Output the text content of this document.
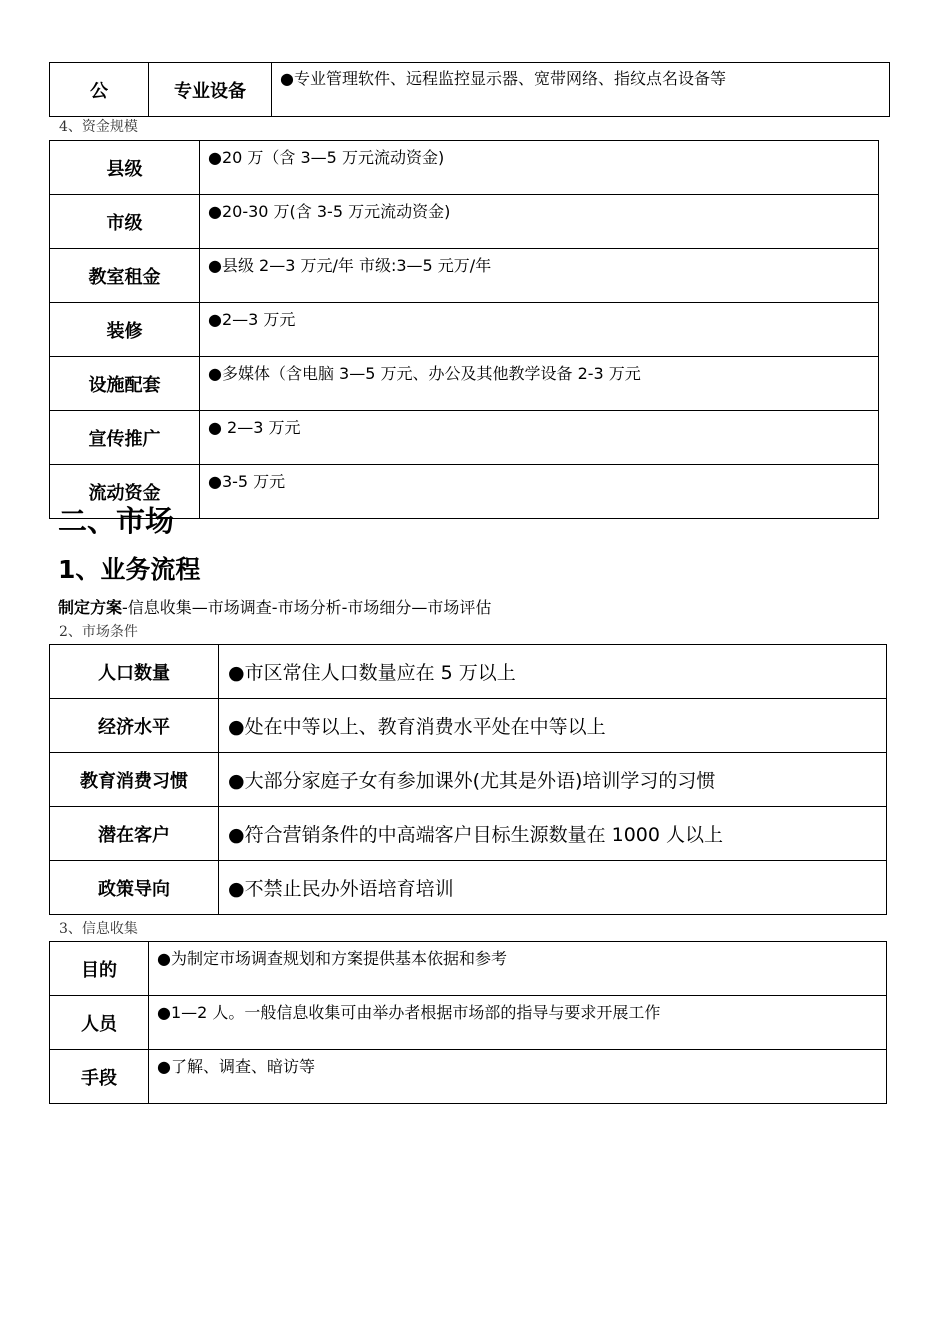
公	专业设备	●专业管理软件、远程监控显示器、宽带网络、指纹点名设备等
4、资金规模
县级	●20 万（含 3—5 万元流动资金)
市级	●20-30 万(含 3-5 万元流动资金)
教室租金	●县级 2—3 万元/年 市级:3—5 元万/年
装修	●2—3 万元
设施配套	●多媒体（含电脑 3—5 万元、办公及其他教学设备 2-3 万元
宣传推广	● 2—3 万元
流动资金	●3-5 万元
二、市场
1、业务流程
制定方案-信息收集—市场调查-市场分析-市场细分—市场评估
2、市场条件
人口数量	●市区常住人口数量应在 5 万以上
经济水平	●处在中等以上、教育消费水平处在中等以上
教育消费习惯	●大部分家庭子女有参加课外(尤其是外语)培训学习的习惯
潜在客户	●符合营销条件的中高端客户目标生源数量在 1000 人以上
政策导向	●不禁止民办外语培育培训
3、信息收集
目的	●为制定市场调查规划和方案提供基本依据和参考
人员	●1—2 人。一般信息收集可由举办者根据市场部的指导与要求开展工作
手段	●了解、调查、暗访等
